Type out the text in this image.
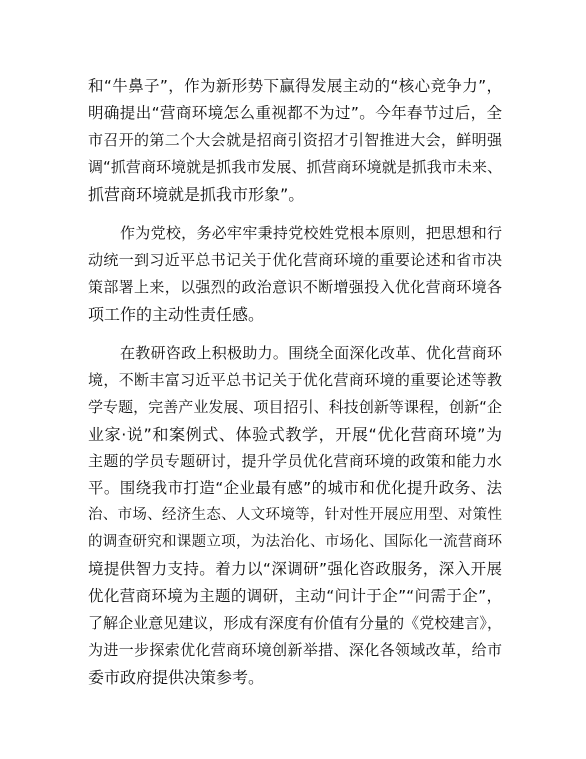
和“牛鼻子”，作为新形势下赢得发展主动的“核心竞争力”，
明确提出“营商环境怎么重视都不为过”。今年春节过后，全
市召开的第二个大会就是招商引资招才引智推进大会，鲜明强
调“抓营商环境就是抓我市发展、抓营商环境就是抓我市未来、
抓营商环境就是抓我市形象”。
作为党校，务必牢牢秉持党校姓党根本原则，把思想和行
动统一到习近平总书记关于优化营商环境的重要论述和省市决
策部署上来，以强烈的政治意识不断增强投入优化营商环境各
项工作的主动性责任感。
在教研咨政上积极助力。围绕全面深化改革、优化营商环
境，不断丰富习近平总书记关于优化营商环境的重要论述等教
学专题，完善产业发展、项目招引、科技创新等课程，创新“企
业家·说”和案例式、体验式教学，开展“优化营商环境”为
主题的学员专题研讨，提升学员优化营商环境的政策和能力水
平。围绕我市打造“企业最有感”的城市和优化提升政务、法
治、市场、经济生态、人文环境等，针对性开展应用型、对策性
的调查研究和课题立项，为法治化、市场化、国际化一流营商环
境提供智力支持。着力以“深调研”强化咨政服务，深入开展
优化营商环境为主题的调研，主动“问计于企”“问需于企”，
了解企业意见建议，形成有深度有价值有分量的《党校建言》，
为进一步探索优化营商环境创新举措、深化各领域改革，给市
委市政府提供决策参考。
